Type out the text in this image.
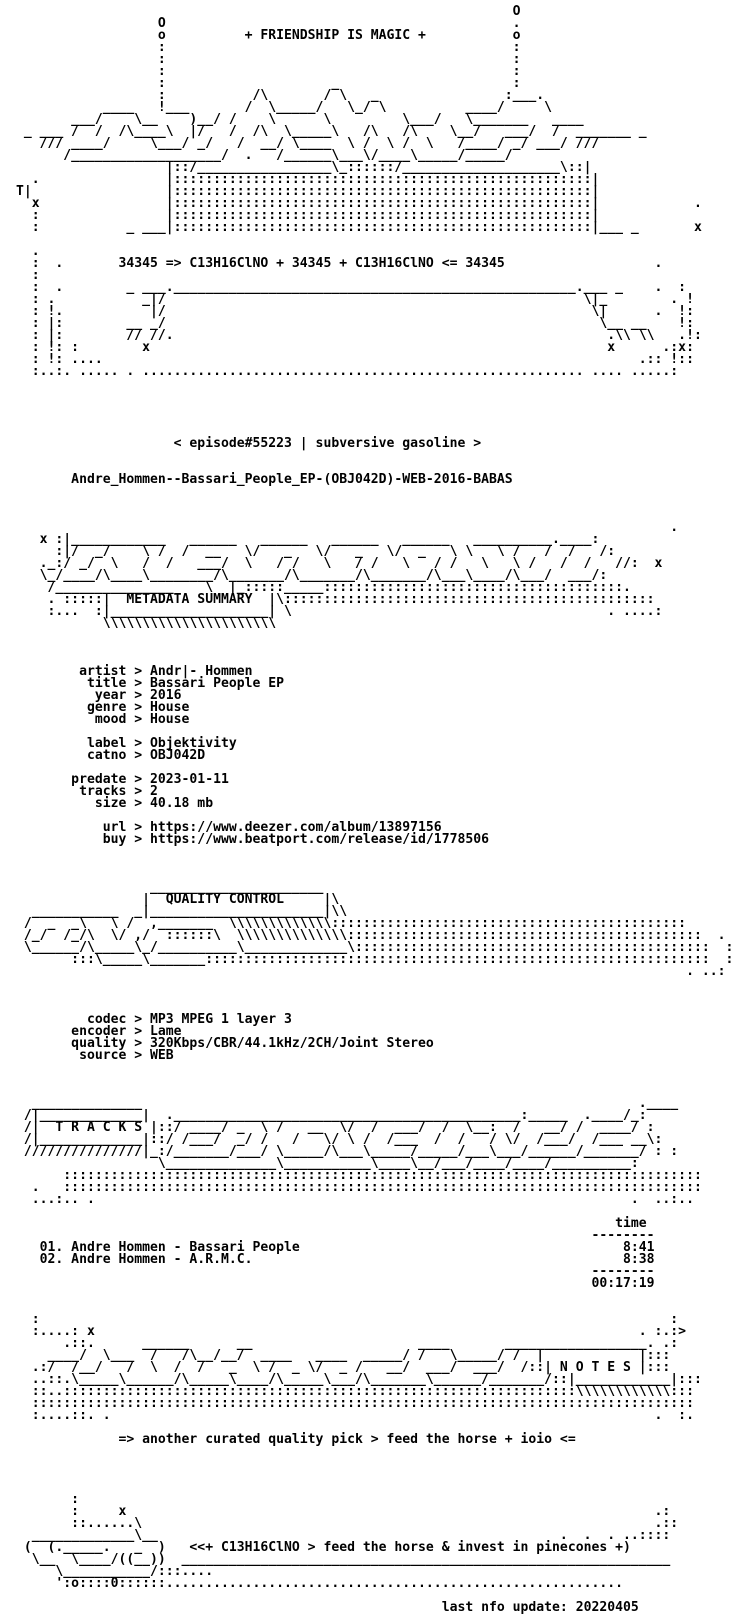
O
O                                            .
o          + FRIENDSHIP IS MAGIC +           o
:                                            :
:                                            :
:                                            :
:                     _                      :
:           /\       / \   _                :___.
____   !___       /  \_____/   \_/ \          ____/     \
___/    \__    )__/ /    \      \         \___/   \_______   ____
_ ___ /  /  /\____\  |/   /  /\  \_____\   /\   /\    \__/   ___/  /  _______ _
/// ____/     \___/ _/   /  __/ \____  \ /  \ /  \   /____/ _/ ___/ ///
/___________________/  .   /______\___\/____\_____/_____/
|::/_________________\_::::::/____________________\::|
.                |:::::::::::::::::::::::::::::::::::::::::::::::::::::|
T|                 |:::::::::::::::::::::::::::::::::::::::::::::::::::::|
x                |:::::::::::::::::::::::::::::::::::::::::::::::::::::|            .
:                |:::::::::::::::::::::::::::::::::::::::::::::::::::::|
:           _ ___|:::::::::::::::::::::::::::::::::::::::::::::::::::::|___ _       x

.
:  .       34345 => C13H16ClNO + 34345 + C13H16ClNO <= 34345                   .
:
:  .        _ ___.___________________________________________________.___ _    .  :
: .           _|/                                                     \|_        . !
: !.           |/                                                      \|      .  !:
: |:        __ _/                                                       \__ __    !:
: |:        // //.                                                       .\\ \\   .!:
: !: :        x                                                          x      .:x:
: !: ....                                                                    .:: !::
:..:. ..... . ........................................................ .... .....:

< episode#55223 | subversive gasoline >

Andre_Hommen--Bassari_People_EP-(OBJ042D)-WEB-2016-BABAS

.
x :|____________   ______   ______   ______   ______   __________.____:
:|/  _/    \ /  /  __   \/   _   \/   _   \/  _   \ \   \ /   /  /   /:
._:/ _/  \   /  /   ___/  \   / /   \   / /   \   / /   \   \ /   /  /   //:  x
\_/____/\____\________/\_______/\_______/\_______/\___\____/\___/  ___/:
/_______________    \  |_:::::_____::::::::::::::::::::::::::::::::::::::.
. :::::|  METADATA SUMMARY  |\:::::::::::::::::::::::::::::::::::::::::::::::
:...  :|____________________| \                                        . ....:
\\\\\\\\\\\\\\\\\\\\\\

artist > Andr|- Hommen
title > Bassari People EP
year > 2016
genre > House
mood > House

label > Objektivity
catno > OBJ042D

predate > 2023-01-11
tracks > 2
size > 40.18 mb

url > https://www.deezer.com/album/13897156
buy > https://www.beatport.com/release/id/1778506

______________________
|  QUALITY CONTROL     |\
___________  _|______________________|\\
/  _  _\   \ /  ,_______  \\\\\\\\\\\\\:::::::::::::::::::::::::::::::::::::::::::::
/_/  /_/\  \/ ,/  ::::::\  \\\\\\\\\\\\\\:::::::::::::::::::::::::::::::::::::::::::::  .
\______/\_____\_/__________\_____________\:::::::::::::::::::::::::::::::::::::::::::::  :
:::\_____\_______::::::::::::::::::::::::::::::::::::::::::::::::::::::::::::::::  :
. ..:

codec > MP3 MPEG 1 layer 3
encoder > Lame
quality > 320Kbps/CBR/44.1kHz/2CH/Joint Stereo
source > WEB

______________                                                               .____
/|_____________|  .____________________________________________:_____  .____/_:
/|  T R A C K S |::/ ____/ _  \ /   __  \/  /  ___/  /  \__:  /   __/ /  ____/ :
/|_____________|::/ /___/  _/ /   /   \/ \ /  /___  /  /   / \/  /___/  /___ __\:
///////////////|_:/_______/___/ \_____/\___\_____/_____/___\___/______/_______/ : :
\______________\___________\____\__/___/____/____/__________:
:::::::::::::::::::::::::::::::::::::::::::::::::::::::::::::::::::::::::::::::::
.   :::::::::::::::::::::::::::::::::::::::::::::::::::::::::::::::::::::::::::::::::
...:.. .                                                                    .  ..:..

time
--------
01. Andre Hommen - Bassari People                                         8:41
02. Andre Hommen - A.R.M.C.                                               8:38
--------
00:17:19

:                                                                                :
:....: x                                                                     . :.:>
.::.      ______      __                     ____       __________________. .:
____/  \___  /   /\__/__/  ____   ____  _____/ /   \_____/ /  |            |:::
.:/  /__/   /  \  /  /   _  \ /  _ \/  _ /   __/  ___/  ___/  /::| N O T E S |:::
..::.\_____\______/\_____\____/\_____\___/\_______\______/_______/::|____________|:::
::..:::::::::::::::::::::::::::::::::::::::::::::::::::::::::::::::::\\\\\\\\\\\\:::
::::::::::::::::::::::::::::::::::::::::::::::::::::::::::::::::::::::::::::::::::::
:....::. .                                                                     .  :.

=> another curated quality pick > feed the horse + ioio <=

:
:     x                                                                   .:
::......\                                                                 .::
_____________\__                                                   .  .  . ..::::
(  (._____.   _  )   <<+ C13H16ClNO > feed the horse & invest in pinecones +)
\__  \____/((__))  ______________________________________________________________
\___________/:::....
':o::::0::::::..........................................................

last nfo update: 20220405
